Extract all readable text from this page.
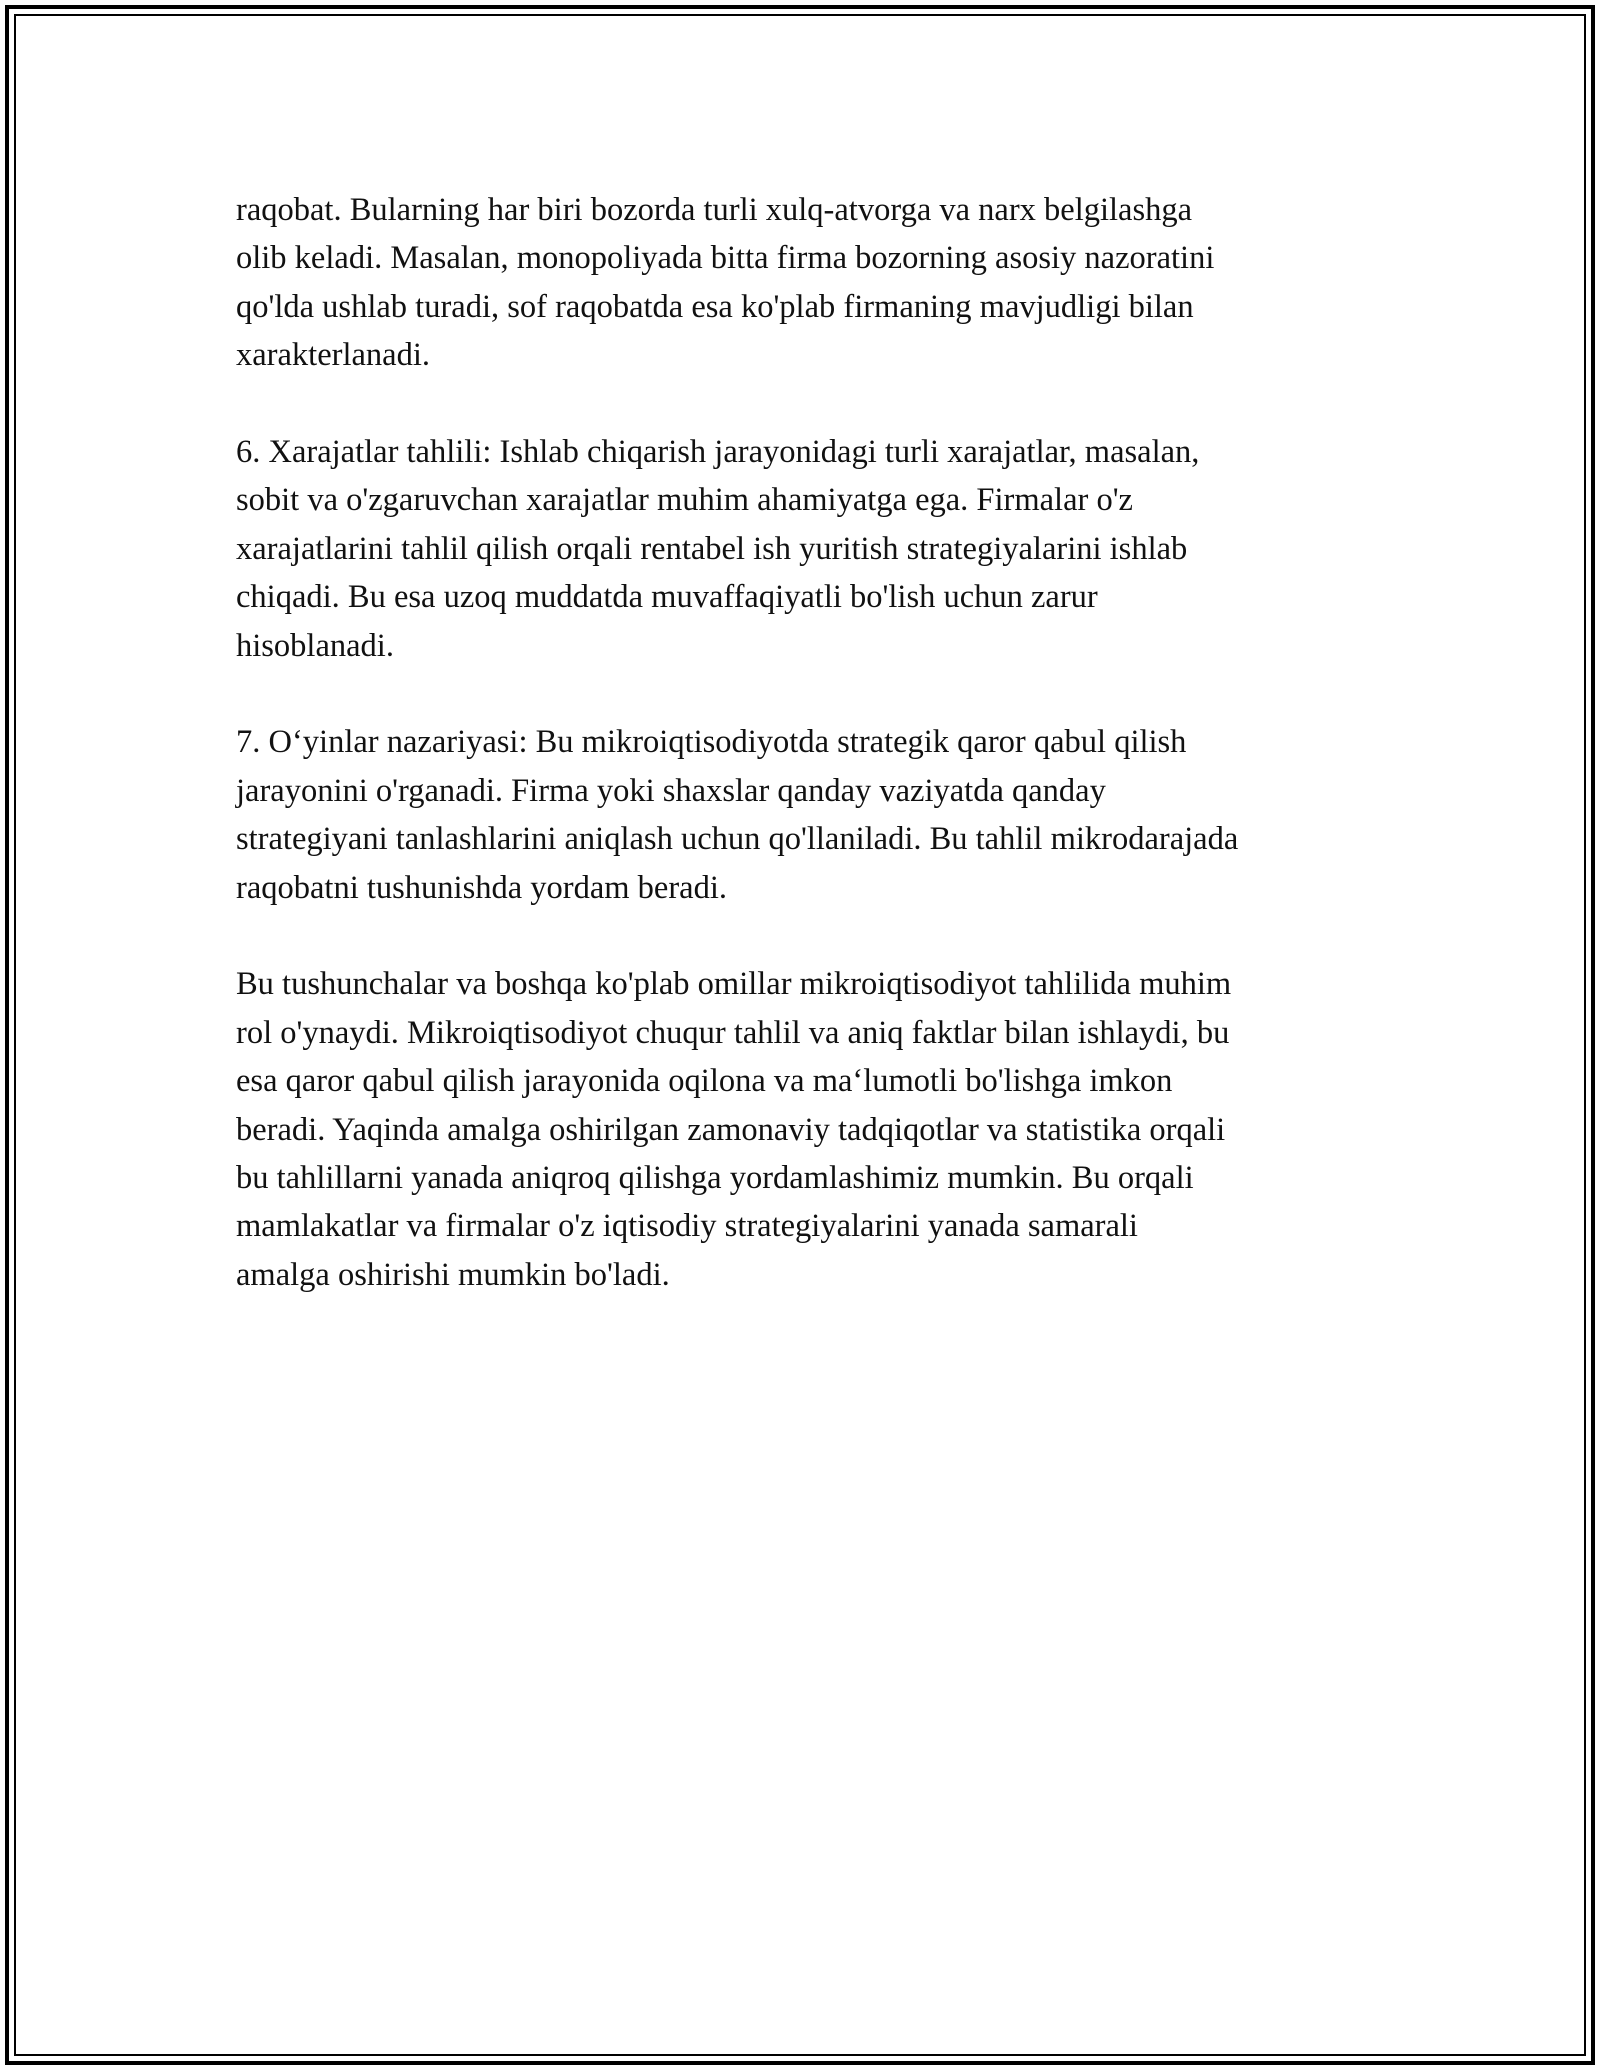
raqobat. Bularning har biri bozorda turli xulq-atvorga va narx belgilashga
olib keladi. Masalan, monopoliyada bitta firma bozorning asosiy nazoratini
qo'lda ushlab turadi, sof raqobatda esa ko'plab firmaning mavjudligi bilan
xarakterlanadi.

6. Xarajatlar tahlili: Ishlab chiqarish jarayonidagi turli xarajatlar, masalan,
sobit va o'zgaruvchan xarajatlar muhim ahamiyatga ega. Firmalar o'z
xarajatlarini tahlil qilish orqali rentabel ish yuritish strategiyalarini ishlab
chiqadi. Bu esa uzoq muddatda muvaffaqiyatli bo'lish uchun zarur
hisoblanadi.

7. O‘yinlar nazariyasi: Bu mikroiqtisodiyotda strategik qaror qabul qilish
jarayonini o'rganadi. Firma yoki shaxslar qanday vaziyatda qanday
strategiyani tanlashlarini aniqlash uchun qo'llaniladi. Bu tahlil mikrodarajada
raqobatni tushunishda yordam beradi.

Bu tushunchalar va boshqa ko'plab omillar mikroiqtisodiyot tahlilida muhim
rol o'ynaydi. Mikroiqtisodiyot chuqur tahlil va aniq faktlar bilan ishlaydi, bu
esa qaror qabul qilish jarayonida oqilona va ma‘lumotli bo'lishga imkon
beradi. Yaqinda amalga oshirilgan zamonaviy tadqiqotlar va statistika orqali
bu tahlillarni yanada aniqroq qilishga yordamlashimiz mumkin. Bu orqali
mamlakatlar va firmalar o'z iqtisodiy strategiyalarini yanada samarali
amalga oshirishi mumkin bo'ladi.
